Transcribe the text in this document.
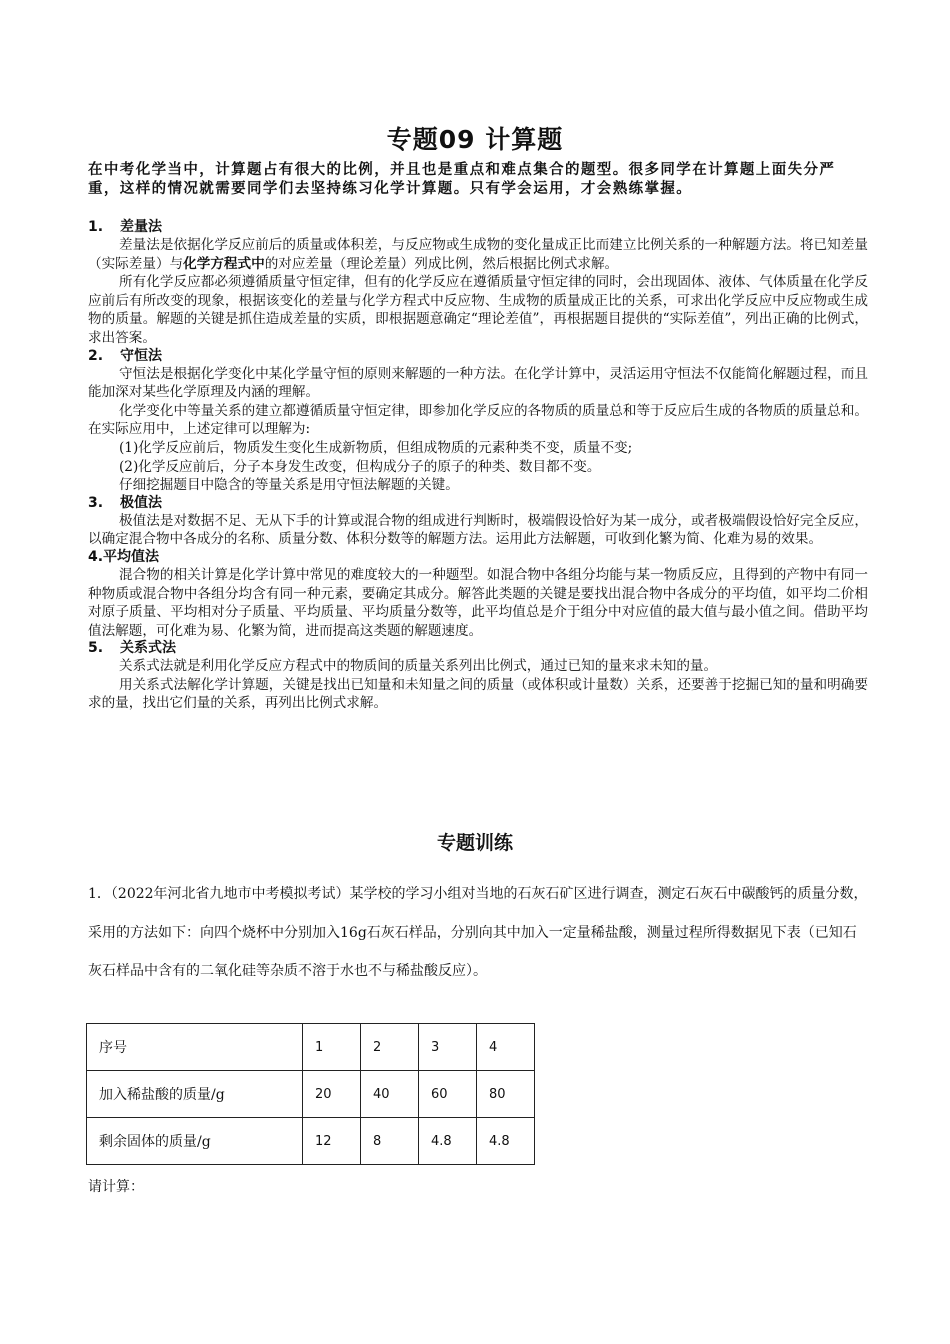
专题09 计算题
在中考化学当中，计算题占有很大的比例，并且也是重点和难点集合的题型。很多同学在计算题上面失分严重，这样的情况就需要同学们去坚持练习化学计算题。只有学会运用，才会熟练掌握。
1. 差量法
差量法是依据化学反应前后的质量或体积差，与反应物或生成物的变化量成正比而建立比例关系的一种解题方法。将已知差量（实际差量）与化学方程式中的对应差量（理论差量）列成比例，然后根据比例式求解。
所有化学反应都必须遵循质量守恒定律，但有的化学反应在遵循质量守恒定律的同时，会出现固体、液体、气体质量在化学反应前后有所改变的现象，根据该变化的差量与化学方程式中反应物、生成物的质量成正比的关系，可求出化学反应中反应物或生成物的质量。解题的关键是抓住造成差量的实质，即根据题意确定“理论差值”，再根据题目提供的“实际差值”，列出正确的比例式，求出答案。
2. 守恒法
守恒法是根据化学变化中某化学量守恒的原则来解题的一种方法。在化学计算中，灵活运用守恒法不仅能简化解题过程，而且能加深对某些化学原理及内涵的理解。
化学变化中等量关系的建立都遵循质量守恒定律，即参加化学反应的各物质的质量总和等于反应后生成的各物质的质量总和。在实际应用中，上述定律可以理解为:
(1)化学反应前后，物质发生变化生成新物质，但组成物质的元素种类不变，质量不变;
(2)化学反应前后，分子本身发生改变，但构成分子的原子的种类、数目都不变。
仔细挖掘题目中隐含的等量关系是用守恒法解题的关键。
3. 极值法
极值法是对数据不足、无从下手的计算或混合物的组成进行判断时，极端假设恰好为某一成分，或者极端假设恰好完全反应，以确定混合物中各成分的名称、质量分数、体积分数等的解题方法。运用此方法解题，可收到化繁为简、化难为易的效果。
4.平均值法
混合物的相关计算是化学计算中常见的难度较大的一种题型。如混合物中各组分均能与某一物质反应，且得到的产物中有同一种物质或混合物中各组分均含有同一种元素，要确定其成分。解答此类题的关键是要找出混合物中各成分的平均值，如平均二价相对原子质量、平均相对分子质量、平均质量、平均质量分数等，此平均值总是介于组分中对应值的最大值与最小值之间。借助平均值法解题，可化难为易、化繁为简，进而提高这类题的解题速度。
5. 关系式法
关系式法就是利用化学反应方程式中的物质间的质量关系列出比例式，通过已知的量来求未知的量。
用关系式法解化学计算题，关键是找出已知量和未知量之间的质量（或体积或计量数）关系，还要善于挖掘已知的量和明确要求的量，找出它们量的关系，再列出比例式求解。
专题训练
1．（2022年河北省九地市中考模拟考试）某学校的学习小组对当地的石灰石矿区进行调查，测定石灰石中碳酸钙的质量分数，采用的方法如下：向四个烧杯中分别加入16g石灰石样品，分别向其中加入一定量稀盐酸，测量过程所得数据见下表（已知石灰石样品中含有的二氧化硅等杂质不溶于水也不与稀盐酸反应）。
序号	1	2	3	4
加入稀盐酸的质量/g	20	40	60	80
剩余固体的质量/g	12	8	4.8	4.8
请计算：
